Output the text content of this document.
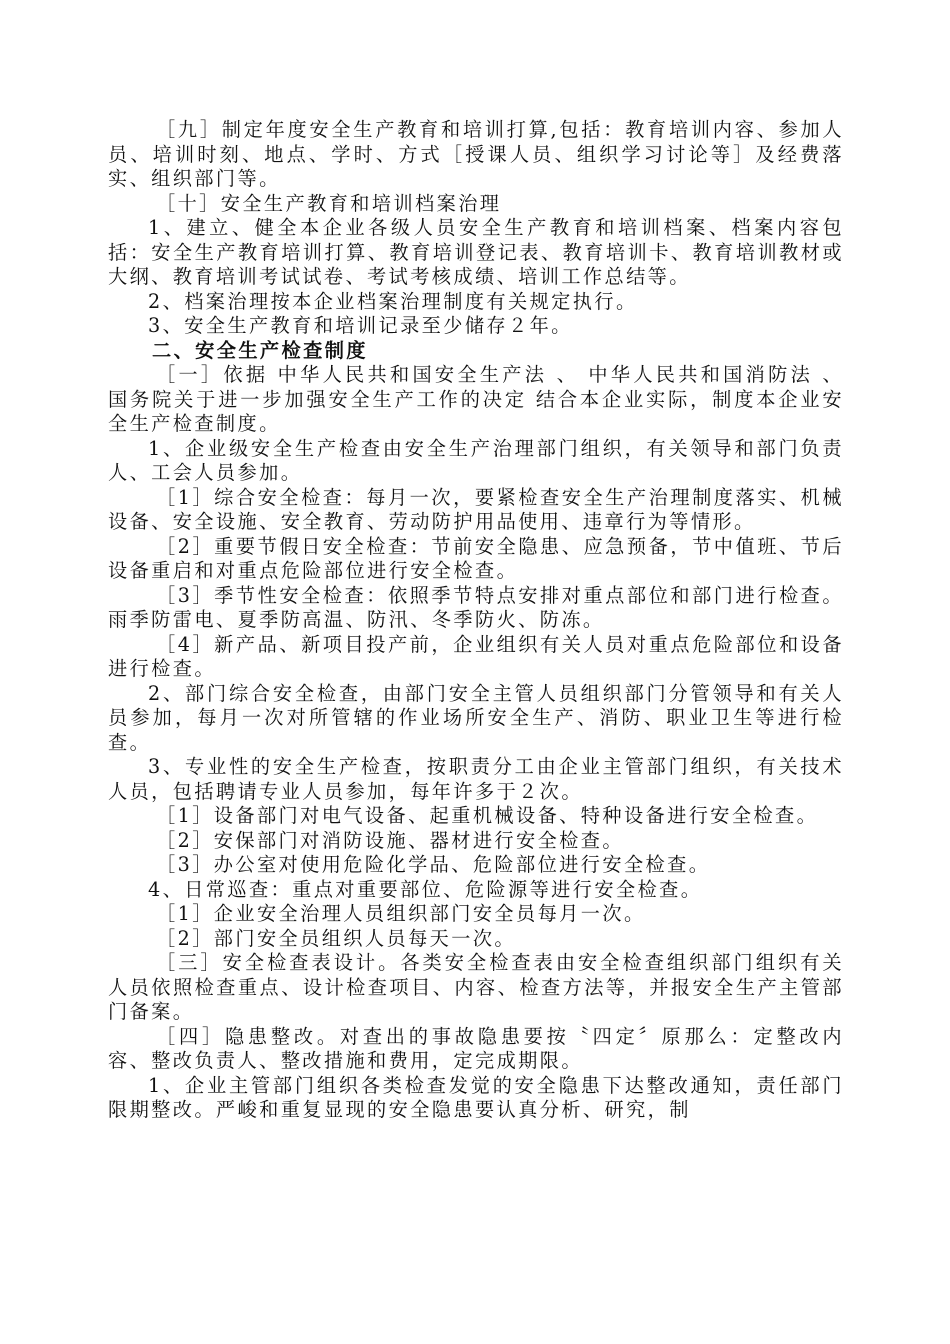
［九］制定年度安全生产教育和培训打算,包括：教育培训内容、参加人员、培训时刻、地点、学时、方式［授课人员、组织学习讨论等］及经费落实、组织部门等。

［十］安全生产教育和培训档案治理

1、建立、健全本企业各级人员安全生产教育和培训档案、档案内容包括：安全生产教育培训打算、教育培训登记表、教育培训卡、教育培训教材或大纲、教育培训考试试卷、考试考核成绩、培训工作总结等。

2、档案治理按本企业档案治理制度有关规定执行。

3、安全生产教育和培训记录至少储存２年。

二、安全生产检查制度

［一］依据 中华人民共和国安全生产法 、 中华人民共和国消防法 、 国务院关于进一步加强安全生产工作的决定 结合本企业实际，制度本企业安全生产检查制度。

1、企业级安全生产检查由安全生产治理部门组织，有关领导和部门负责人、工会人员参加。

［1］综合安全检查：每月一次，要紧检查安全生产治理制度落实、机械设备、安全设施、安全教育、劳动防护用品使用、违章行为等情形。

［2］重要节假日安全检查：节前安全隐患、应急预备，节中值班、节后设备重启和对重点危险部位进行安全检查。

［3］季节性安全检查：依照季节特点安排对重点部位和部门进行检查。雨季防雷电、夏季防高温、防汛、冬季防火、防冻。

［4］新产品、新项目投产前，企业组织有关人员对重点危险部位和设备进行检查。

2、部门综合安全检查，由部门安全主管人员组织部门分管领导和有关人员参加，每月一次对所管辖的作业场所安全生产、消防、职业卫生等进行检查。

3、专业性的安全生产检查，按职责分工由企业主管部门组织，有关技术人员，包括聘请专业人员参加，每年许多于２次。

［1］设备部门对电气设备、起重机械设备、特种设备进行安全检查。

［2］安保部门对消防设施、器材进行安全检查。

［3］办公室对使用危险化学品、危险部位进行安全检查。

4、日常巡查：重点对重要部位、危险源等进行安全检查。

［1］企业安全治理人员组织部门安全员每月一次。

［2］部门安全员组织人员每天一次。

［三］安全检查表设计。各类安全检查表由安全检查组织部门组织有关人员依照检查重点、设计检查项目、内容、检查方法等，并报安全生产主管部门备案。

［四］隐患整改。对查出的事故隐患要按〝四定〞原那么：定整改内容、整改负责人、整改措施和费用，定完成期限。

1、企业主管部门组织各类检查发觉的安全隐患下达整改通知，责任部门限期整改。严峻和重复显现的安全隐患要认真分析、研究，制
